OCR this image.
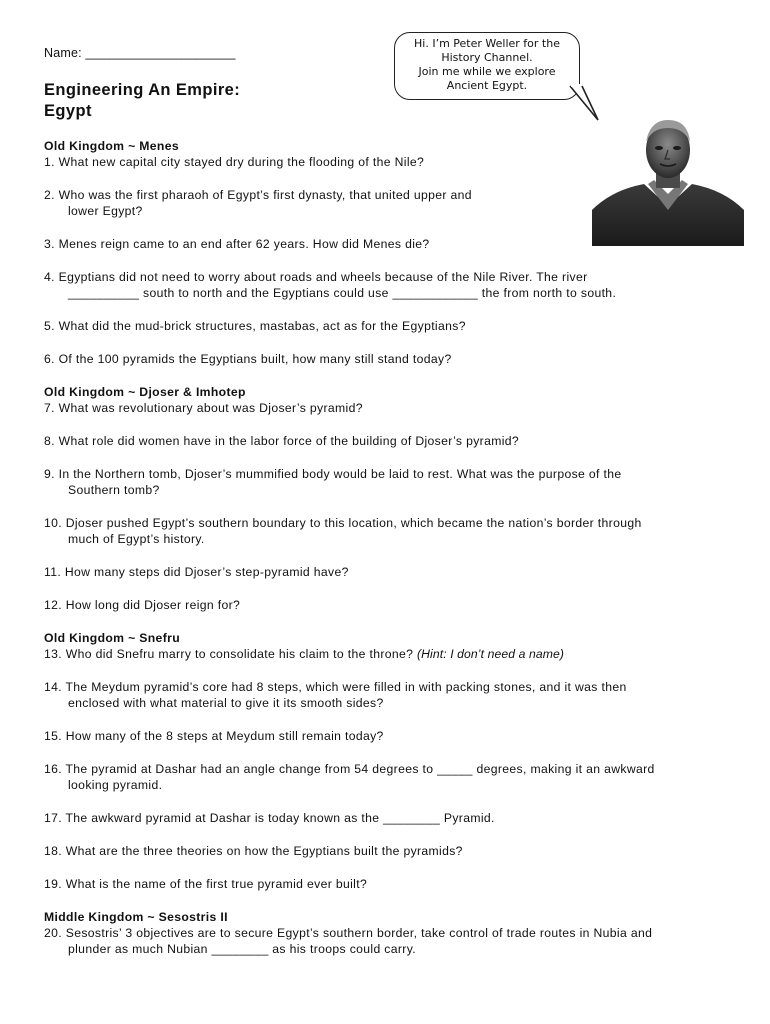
Name: _____________________
Engineering An Empire:
Egypt
Hi. I’m Peter Weller for the
History Channel.
Join me while we explore
Ancient Egypt.

Old Kingdom ~ Menes

1. What new capital city stayed dry during the flooding of the Nile?

2. Who was the first pharaoh of Egypt’s first dynasty, that united upper and
lower Egypt?

3. Menes reign came to an end after 62 years. How did Menes die?

4. Egyptians did not need to worry about roads and wheels because of the Nile River. The river
__________ south to north and the Egyptians could use ____________ the from north to south.

5. What did the mud-brick structures, mastabas, act as for the Egyptians?

6. Of the 100 pyramids the Egyptians built, how many still stand today?

Old Kingdom ~ Djoser & Imhotep

7. What was revolutionary about was Djoser’s pyramid?

8. What role did women have in the labor force of the building of Djoser’s pyramid?

9. In the Northern tomb, Djoser’s mummified body would be laid to rest. What was the purpose of the
Southern tomb?

10. Djoser pushed Egypt’s southern boundary to this location, which became the nation’s border through
much of Egypt’s history.

11. How many steps did Djoser’s step-pyramid have?

12. How long did Djoser reign for?

Old Kingdom ~ Snefru

13. Who did Snefru marry to consolidate his claim to the throne? (Hint: I don’t need a name)

14. The Meydum pyramid’s core had 8 steps, which were filled in with packing stones, and it was then
enclosed with what material to give it its smooth sides?

15. How many of the 8 steps at Meydum still remain today?

16. The pyramid at Dashar had an angle change from 54 degrees to _____ degrees, making it an awkward
looking pyramid.

17. The awkward pyramid at Dashar is today known as the ________ Pyramid.

18. What are the three theories on how the Egyptians built the pyramids?

19. What is the name of the first true pyramid ever built?

Middle Kingdom ~ Sesostris II

20. Sesostris’ 3 objectives are to secure Egypt’s southern border, take control of trade routes in Nubia and
plunder as much Nubian ________ as his troops could carry.
